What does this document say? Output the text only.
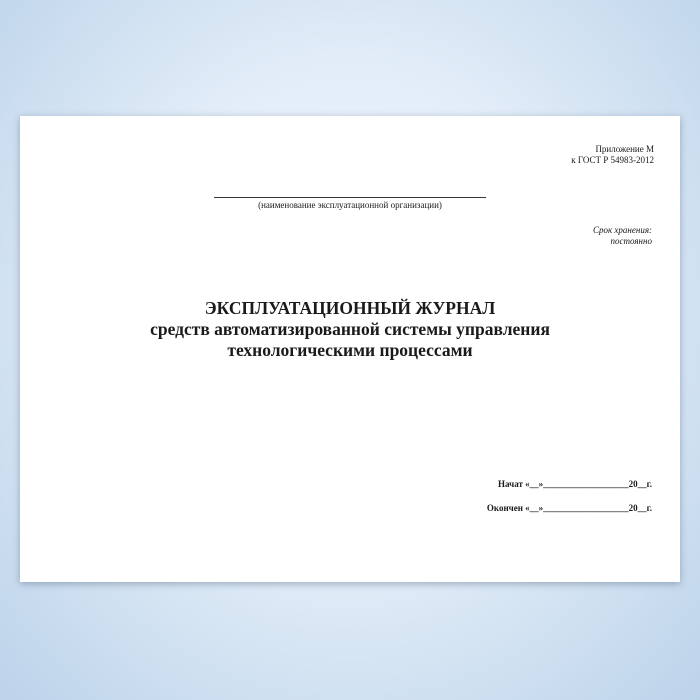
Приложение М
к ГОСТ Р 54983-2012
(наименование эксплуатационной организации)
Срок хранения:
постоянно
ЭКСПЛУАТАЦИОННЫЙ ЖУРНАЛ
средств автоматизированной системы управления
технологическими процессами
Начат «__»___________________20__г.
Окончен «__»___________________20__г.
